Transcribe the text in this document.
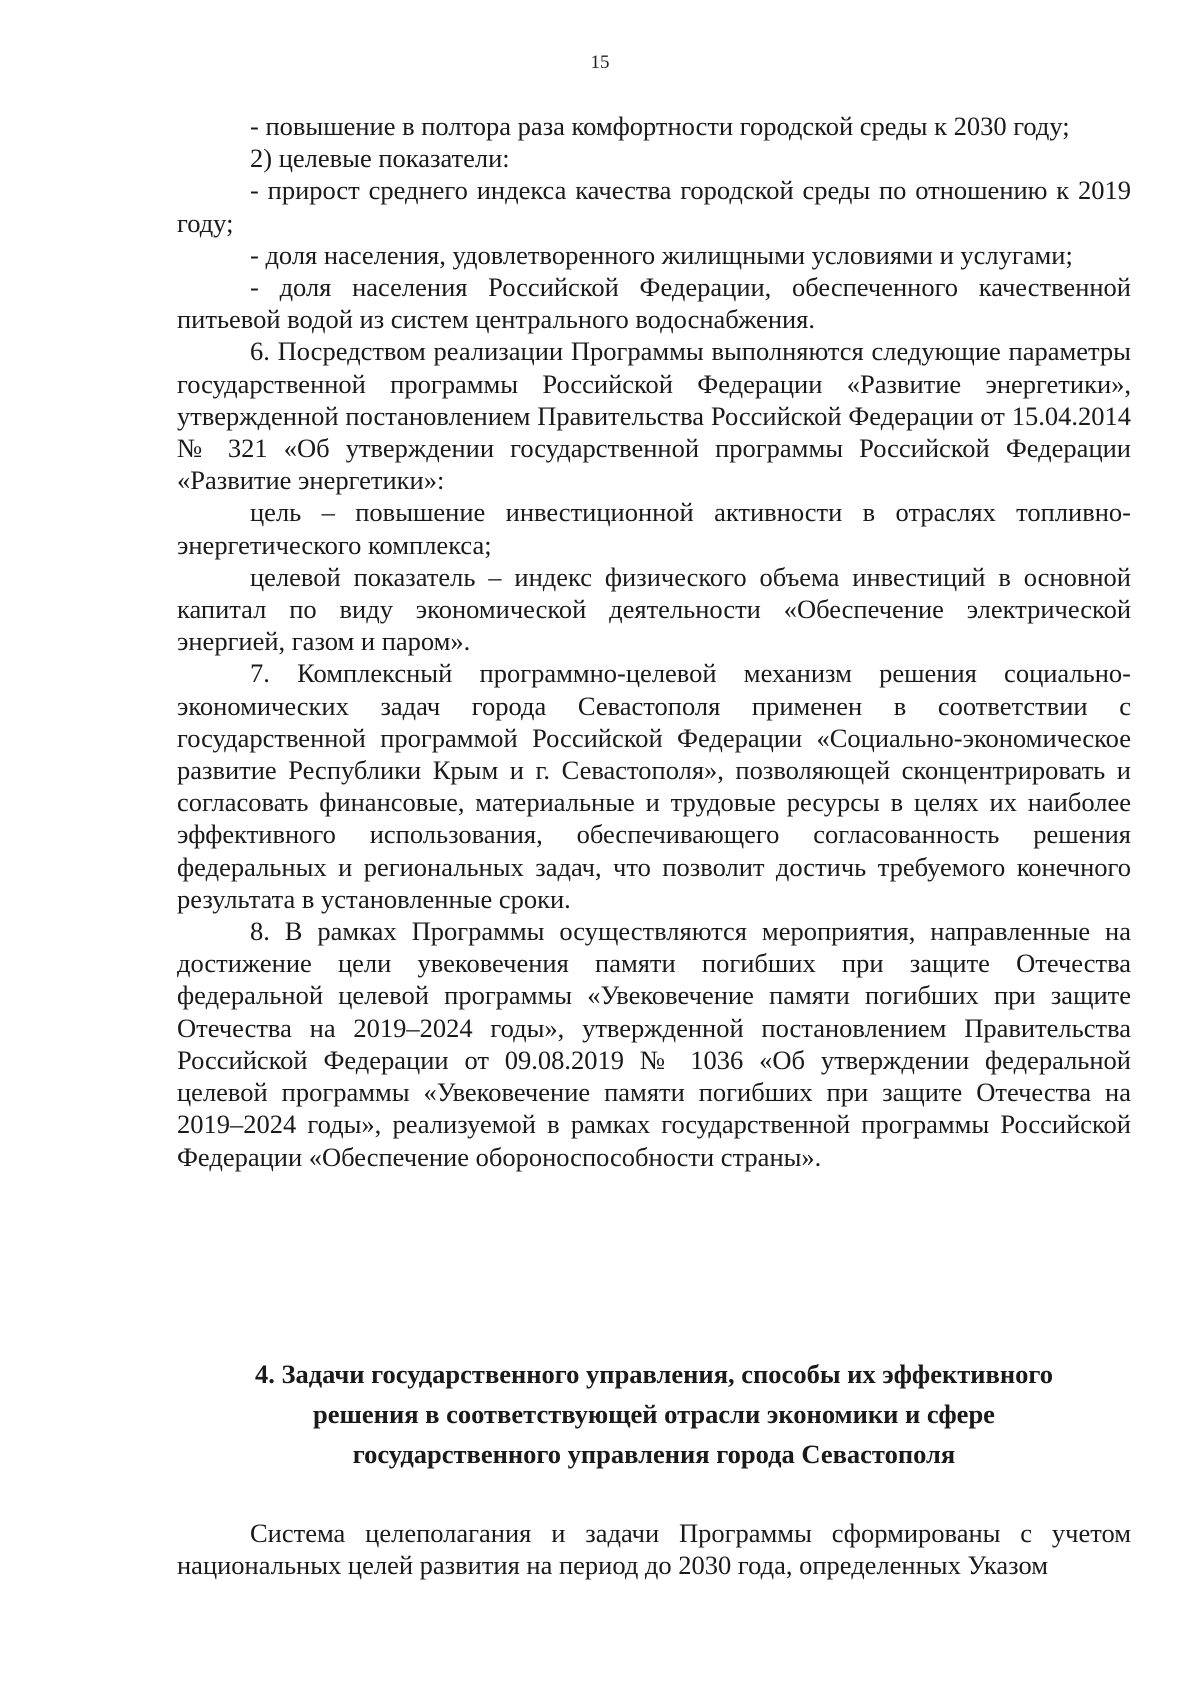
15

- повышение в полтора раза комфортности городской среды к 2030 году;

2) целевые показатели:

- прирост среднего индекса качества городской среды по отношению к 2019 году;

- доля населения, удовлетворенного жилищными условиями и услугами;

- доля населения Российской Федерации, обеспеченного качественной питьевой водой из систем центрального водоснабжения.

6. Посредством реализации Программы выполняются следующие параметры государственной программы Российской Федерации «Развитие энергетики», утвержденной постановлением Правительства Российской Федерации от 15.04.2014 № 321 «Об утверждении государственной программы Российской Федерации «Развитие энергетики»:

цель – повышение инвестиционной активности в отраслях топливно-энергетического комплекса;

целевой показатель – индекс физического объема инвестиций в основной капитал по виду экономической деятельности «Обеспечение электрической энергией, газом и паром».

7. Комплексный программно-целевой механизм решения социально-экономических задач города Севастополя применен в соответствии с государственной программой Российской Федерации «Социально-экономическое развитие Республики Крым и г. Севастополя», позволяющей сконцентрировать и согласовать финансовые, материальные и трудовые ресурсы в целях их наиболее эффективного использования, обеспечивающего согласованность решения федеральных и региональных задач, что позволит достичь требуемого конечного результата в установленные сроки.

8. В рамках Программы осуществляются мероприятия, направленные на достижение цели увековечения памяти погибших при защите Отечества федеральной целевой программы «Увековечение памяти погибших при защите Отечества на 2019–2024 годы», утвержденной постановлением Правительства Российской Федерации от 09.08.2019 № 1036 «Об утверждении федеральной целевой программы «Увековечение памяти погибших при защите Отечества на 2019–2024 годы», реализуемой в рамках государственной программы Российской Федерации «Обеспечение обороноспособности страны».

4. Задачи государственного управления, способы их эффективного
решения в соответствующей отрасли экономики и сфере
государственного управления города Севастополя

Система целеполагания и задачи Программы сформированы с учетом национальных целей развития на период до 2030 года, определенных Указом
